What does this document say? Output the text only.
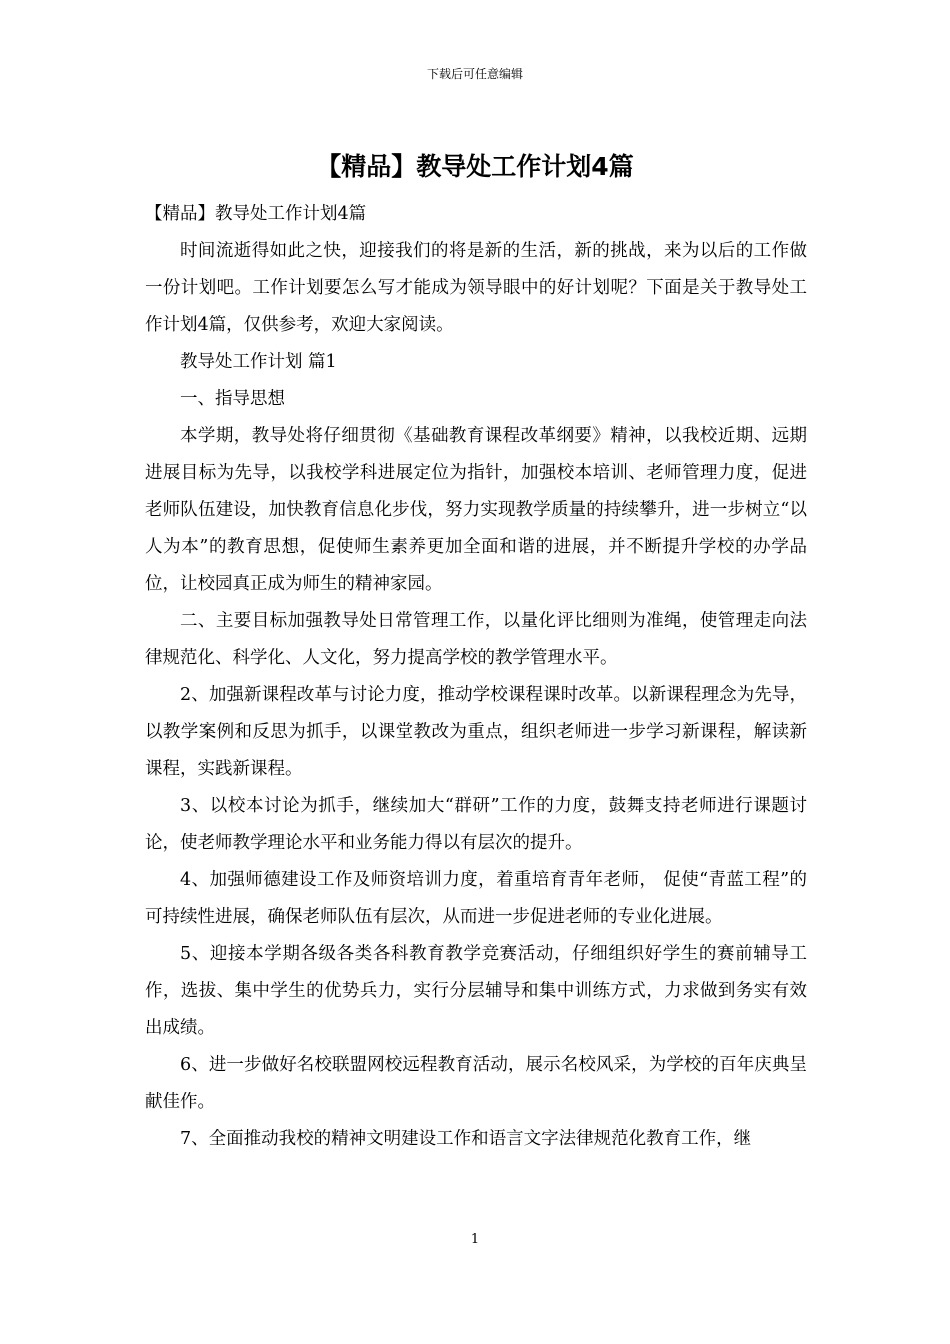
下载后可任意编辑
【精品】教导处工作计划4篇

【精品】教导处工作计划4篇

时间流逝得如此之快，迎接我们的将是新的生活，新的挑战，来为以后的工作做一份计划吧。工作计划要怎么写才能成为领导眼中的好计划呢？下面是关于教导处工作计划4篇，仅供参考，欢迎大家阅读。

教导处工作计划 篇1

一、指导思想

本学期，教导处将仔细贯彻《基础教育课程改革纲要》精神，以我校近期、远期进展目标为先导，以我校学科进展定位为指针，加强校本培训、老师管理力度，促进老师队伍建设，加快教育信息化步伐，努力实现教学质量的持续攀升，进一步树立“以人为本”的教育思想，促使师生素养更加全面和谐的进展，并不断提升学校的办学品位，让校园真正成为师生的精神家园。

二、主要目标加强教导处日常管理工作，以量化评比细则为准绳，使管理走向法律规范化、科学化、人文化，努力提高学校的教学管理水平。

2、加强新课程改革与讨论力度，推动学校课程课时改革。以新课程理念为先导，以教学案例和反思为抓手，以课堂教改为重点，组织老师进一步学习新课程，解读新课程，实践新课程。

3、以校本讨论为抓手，继续加大“群研”工作的力度，鼓舞支持老师进行课题讨论，使老师教学理论水平和业务能力得以有层次的提升。

4、加强师德建设工作及师资培训力度，着重培育青年老师， 促使“青蓝工程”的可持续性进展，确保老师队伍有层次，从而进一步促进老师的专业化进展。

5、迎接本学期各级各类各科教育教学竞赛活动，仔细组织好学生的赛前辅导工作，选拔、集中学生的优势兵力，实行分层辅导和集中训练方式，力求做到务实有效出成绩。

6、进一步做好名校联盟网校远程教育活动，展示名校风采，为学校的百年庆典呈献佳作。

7、全面推动我校的精神文明建设工作和语言文字法律规范化教育工作，继

1
